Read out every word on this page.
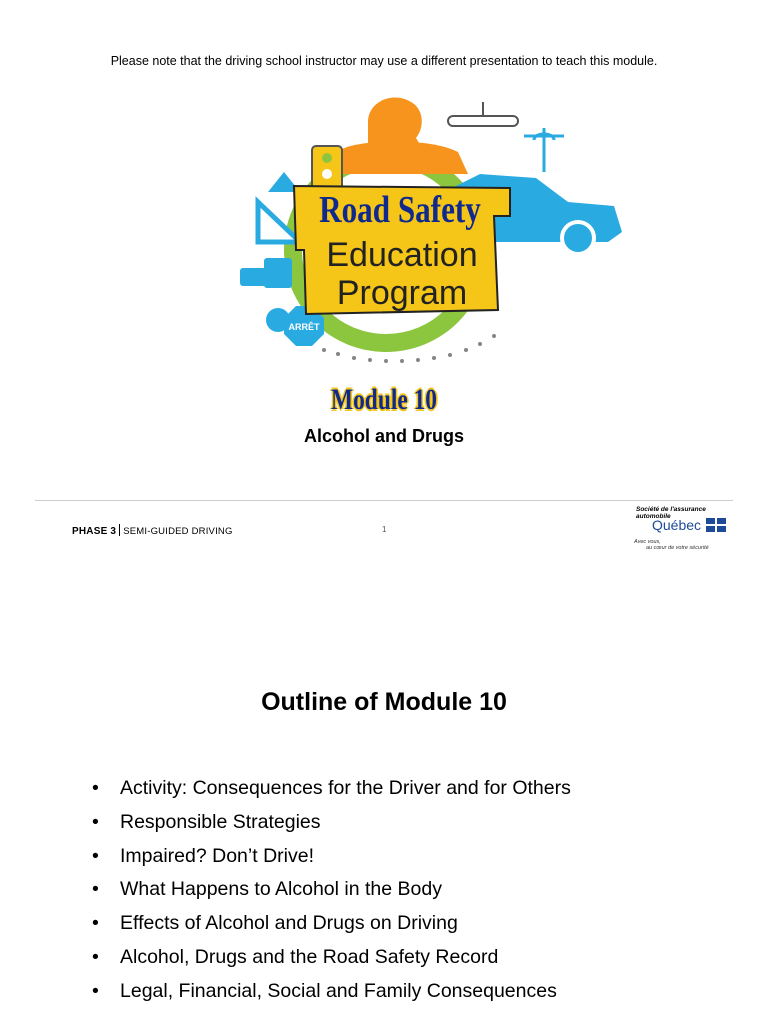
Please note that the driving school instructor may use a different presentation to teach this module.
ARRÊT
Road Safety
Education
Program
Module 10
Alcohol and Drugs
PHASE 3 SEMI-GUIDED DRIVING	1
Société de l'assurance
automobile
Québec
Avec vous,
au cœur de votre sécurité
Outline of Module 10
• Activity: Consequences for the Driver and for Others
• Responsible Strategies
• Impaired? Don’t Drive!
• What Happens to Alcohol in the Body
• Effects of Alcohol and Drugs on Driving
• Alcohol, Drugs and the Road Safety Record
• Legal, Financial, Social and Family Consequences
